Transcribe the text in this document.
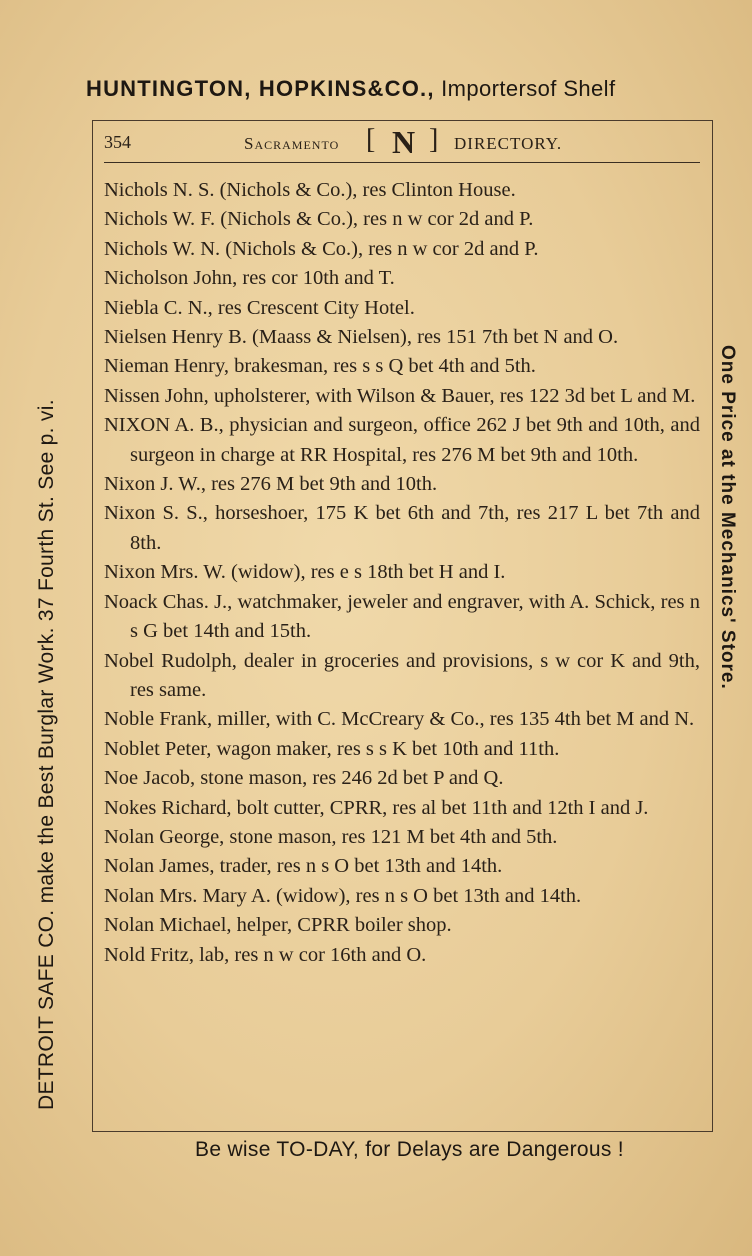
HUNTINGTON, HOPKINS&CO., Importersof Shelf
354	Sacramento [ N ] DIRECTORY.

Nichols N. S. (Nichols & Co.), res Clinton House.

Nichols W. F. (Nichols & Co.), res n w cor 2d and P.

Nichols W. N. (Nichols & Co.), res n w cor 2d and P.

Nicholson John, res cor 10th and T.

Niebla C. N., res Crescent City Hotel.

Nielsen Henry B. (Maass & Nielsen), res 151 7th bet N and O.

Nieman Henry, brakesman, res s s Q bet 4th and 5th.

Nissen John, upholsterer, with Wilson & Bauer, res 122 3d bet L and M.

NIXON A. B., physician and surgeon, office 262 J bet 9th and 10th, and surgeon in charge at RR Hospital, res 276 M bet 9th and 10th.

Nixon J. W., res 276 M bet 9th and 10th.

Nixon S. S., horseshoer, 175 K bet 6th and 7th, res 217 L bet 7th and 8th.

Nixon Mrs. W. (widow), res e s 18th bet H and I.

Noack Chas. J., watchmaker, jeweler and engraver, with A. Schick, res n s G bet 14th and 15th.

Nobel Rudolph, dealer in groceries and provisions, s w cor K and 9th, res same.

Noble Frank, miller, with C. McCreary & Co., res 135 4th bet M and N.

Noblet Peter, wagon maker, res s s K bet 10th and 11th.

Noe Jacob, stone mason, res 246 2d bet P and Q.

Nokes Richard, bolt cutter, CPRR, res al bet 11th and 12th I and J.

Nolan George, stone mason, res 121 M bet 4th and 5th.

Nolan James, trader, res n s O bet 13th and 14th.

Nolan Mrs. Mary A. (widow), res n s O bet 13th and 14th.

Nolan Michael, helper, CPRR boiler shop.

Nold Fritz, lab, res n w cor 16th and O.

DETROIT SAFE CO. make the Best Burglar Work. 37 Fourth St. See p. vi.	One Price at the Mechanics' Store.
Be wise TO-DAY, for Delays are Dangerous !
